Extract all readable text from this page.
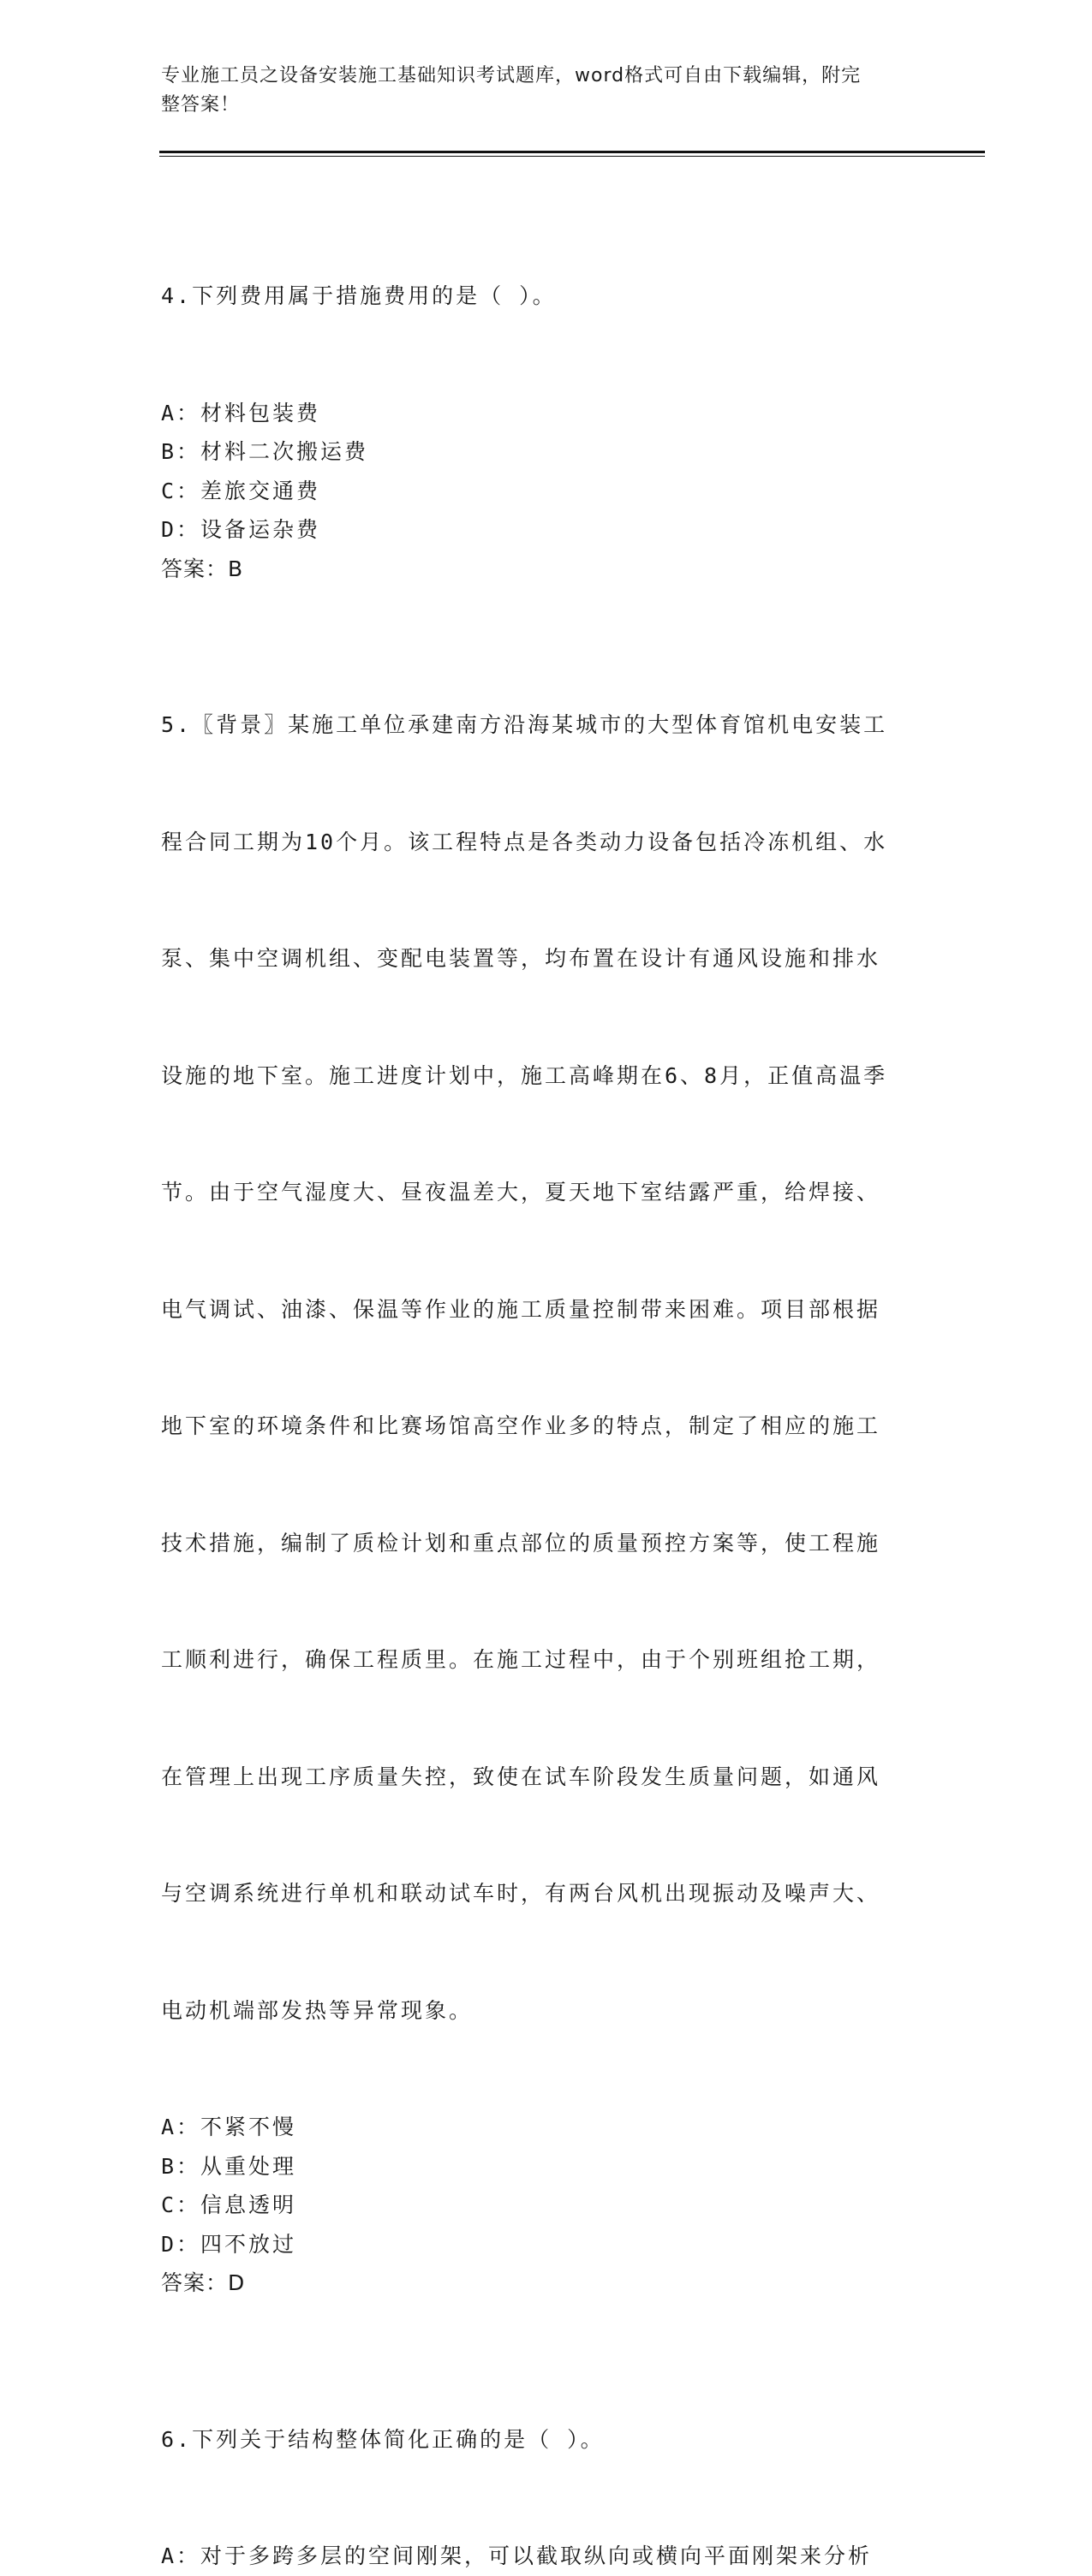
专业施工员之设备安装施工基础知识考试题库，word格式可自由下载编辑，附完
整答案！

4.下列费用属于措施费用的是（ ）。

A：材料包装费
B：材料二次搬运费
C：差旅交通费
D：设备运杂费
答案：B

5.〖背景〗某施工单位承建南方沿海某城市的大型体育馆机电安装工

程合同工期为10个月。该工程特点是各类动力设备包括冷冻机组、水

泵、集中空调机组、变配电装置等，均布置在设计有通风设施和排水

设施的地下室。施工进度计划中，施工高峰期在6、8月，正值高温季

节。由于空气湿度大、昼夜温差大，夏天地下室结露严重，给焊接、

电气调试、油漆、保温等作业的施工质量控制带来困难。项目部根据

地下室的环境条件和比赛场馆高空作业多的特点，制定了相应的施工

技术措施，编制了质检计划和重点部位的质量预控方案等，使工程施

工顺利进行，确保工程质里。在施工过程中，由于个别班组抢工期，

在管理上出现工序质量失控，致使在试车阶段发生质量问题，如通风

与空调系统进行单机和联动试车时，有两台风机出现振动及噪声大、

电动机端部发热等异常现象。

A：不紧不慢
B：从重处理
C：信息透明
D：四不放过
答案：D

6.下列关于结构整体简化正确的是（ ）。

A：对于多跨多层的空间刚架，可以截取纵向或横向平面刚架来分析
